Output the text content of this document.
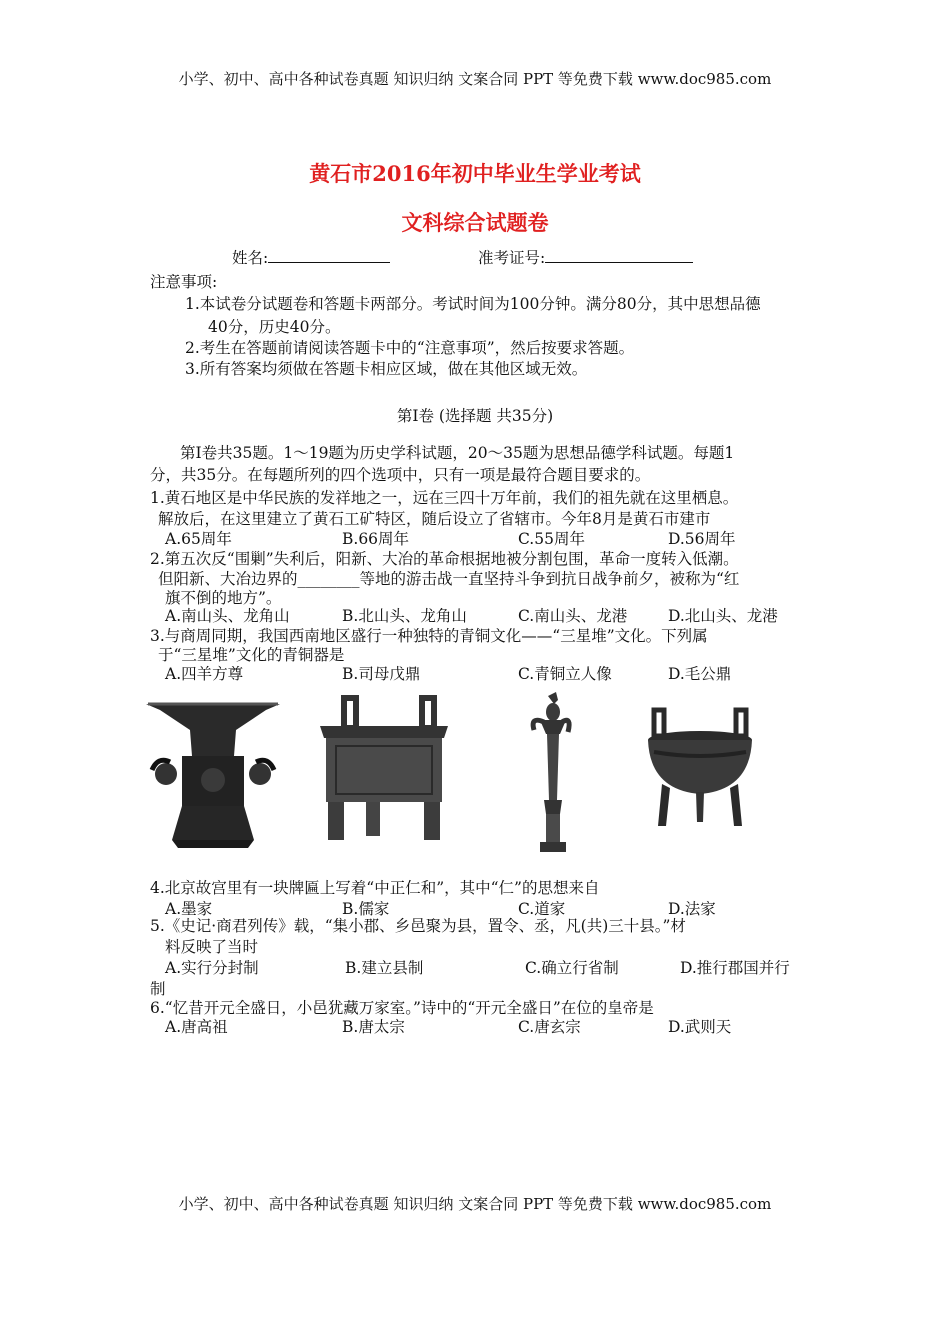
小学、初中、高中各种试卷真题 知识归纳 文案合同 PPT 等免费下载 www.doc985.com
黄石市2016年初中毕业生学业考试
文科综合试题卷
姓名:	准考证号:
注意事项:
1.本试卷分试题卷和答题卡两部分。考试时间为100分钟。满分80分，其中思想品德
40分，历史40分。
2.考生在答题前请阅读答题卡中的“注意事项”，然后按要求答题。
3.所有答案均须做在答题卡相应区域，做在其他区域无效。
第Ⅰ卷 (选择题 共35分)
第Ⅰ卷共35题。1～19题为历史学科试题，20～35题为思想品德学科试题。每题1
分，共35分。在每题所列的四个选项中，只有一项是最符合题目要求的。
1.黄石地区是中华民族的发祥地之一，远在三四十万年前，我们的祖先就在这里栖息。
解放后，在这里建立了黄石工矿特区，随后设立了省辖市。今年8月是黄石市建市
A.65周年	B.66周年	C.55周年	D.56周年
2.第五次反“围剿”失利后，阳新、大冶的革命根据地被分割包围，革命一度转入低潮。
但阳新、大冶边界的________等地的游击战一直坚持斗争到抗日战争前夕，被称为“红
旗不倒的地方”。
A.南山头、龙角山	B.北山头、龙角山	C.南山头、龙港	D.北山头、龙港
3.与商周同期，我国西南地区盛行一种独特的青铜文化——“三星堆”文化。下列属
于“三星堆”文化的青铜器是
A.四羊方尊	B.司母戊鼎	C.青铜立人像	D.毛公鼎
4.北京故宫里有一块牌匾上写着“中正仁和”，其中“仁”的思想来自
A.墨家	B.儒家	C.道家	D.法家
5.《史记·商君列传》载，“集小郡、乡邑聚为县，置令、丞，凡(共)三十县。”材
料反映了当时
A.实行分封制	B.建立县制	C.确立行省制	D.推行郡国并行
制
6.“忆昔开元全盛日，小邑犹藏万家室。”诗中的“开元全盛日”在位的皇帝是
A.唐高祖	B.唐太宗	C.唐玄宗	D.武则天
小学、初中、高中各种试卷真题 知识归纳 文案合同 PPT 等免费下载 www.doc985.com
